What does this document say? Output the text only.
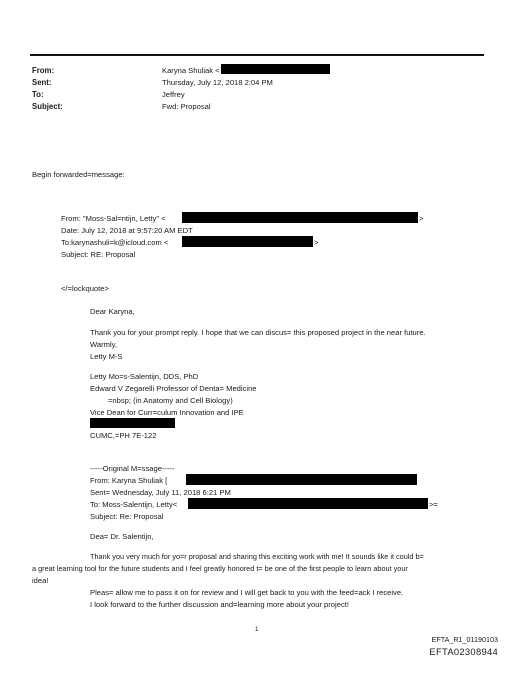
From:	Karyna Shuliak <
Sent:	Thursday, July 12, 2018 2:04 PM
To:	Jeffrey
Subject:	Fwd: Proposal
Begin forwarded=message:
From: "Moss-Sal=ntijn, Letty" <	>
Date: July 12, 2018 at 9:57:20 AM EDT
To:karynashuli=k@icloud.com <	>
Subject: RE: Proposal
</=lockquote>
Dear Karyna,
Thank you for your prompt reply. I hope that we can discus= this proposed project in the near future.
Warmly,
Letty M-S
Letty Mo=s-Salentijn, DDS, PhD
Edward V Zegarelli Professor of Denta= Medicine
=nbsp; (in Anatomy and Cell Biology)
Vice Dean for Curr=culum Innovation and IPE
CUMC,=PH 7E-122
-----Original M=ssage-----
From: Karyna Shuliak [
Sent= Wednesday, July 11, 2018 6:21 PM
To: Moss-Salentijn, Letty<	>=
Subject: Re: Proposal
Dea= Dr. Salentijn,
Thank you very much for yo=r proposal and sharing this exciting work with me! It sounds like it could b=
a great learning tool for the future students and I feel greatly honored t= be one of the first people to learn about your
idea!
Pleas= allow me to pass it on for review and I will get back to you with the feed=ack I receive.
I look forward to the further discussion and=learning more about your project!
1
EFTA_R1_01190103
EFTA02308944
